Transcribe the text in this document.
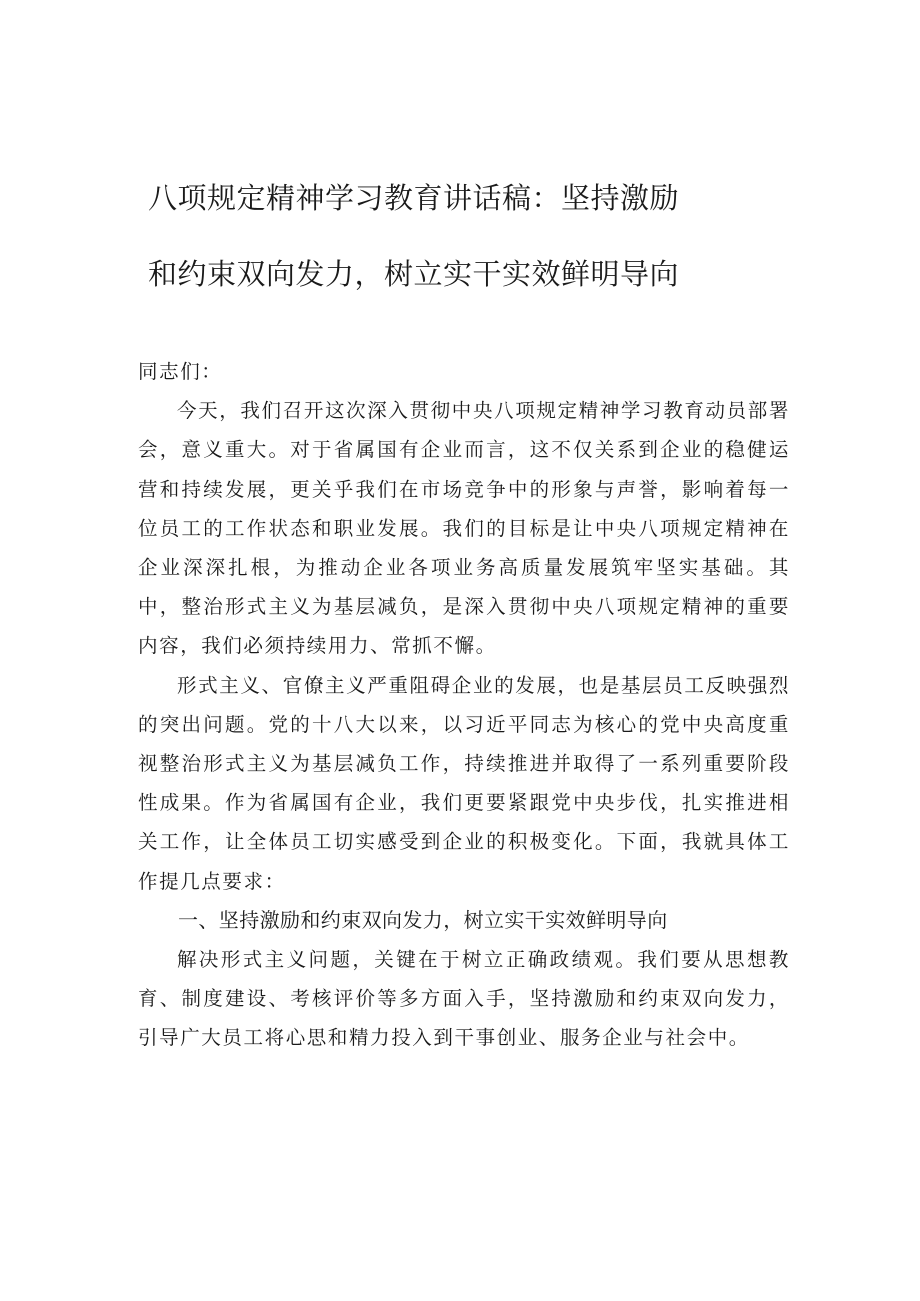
八项规定精神学习教育讲话稿：坚持激励
和约束双向发力，树立实干实效鲜明导向

同志们：

今天，我们召开这次深入贯彻中央八项规定精神学习教育动员部署会，意义重大。对于省属国有企业而言，这不仅关系到企业的稳健运营和持续发展，更关乎我们在市场竞争中的形象与声誉，影响着每一位员工的工作状态和职业发展。我们的目标是让中央八项规定精神在企业深深扎根，为推动企业各项业务高质量发展筑牢坚实基础。其中，整治形式主义为基层减负，是深入贯彻中央八项规定精神的重要内容，我们必须持续用力、常抓不懈。

形式主义、官僚主义严重阻碍企业的发展，也是基层员工反映强烈的突出问题。党的十八大以来，以习近平同志为核心的党中央高度重视整治形式主义为基层减负工作，持续推进并取得了一系列重要阶段性成果。作为省属国有企业，我们更要紧跟党中央步伐，扎实推进相关工作，让全体员工切实感受到企业的积极变化。下面，我就具体工作提几点要求：

一、坚持激励和约束双向发力，树立实干实效鲜明导向

解决形式主义问题，关键在于树立正确政绩观。我们要从思想教育、制度建设、考核评价等多方面入手，坚持激励和约束双向发力，引导广大员工将心思和精力投入到干事创业、服务企业与社会中。
